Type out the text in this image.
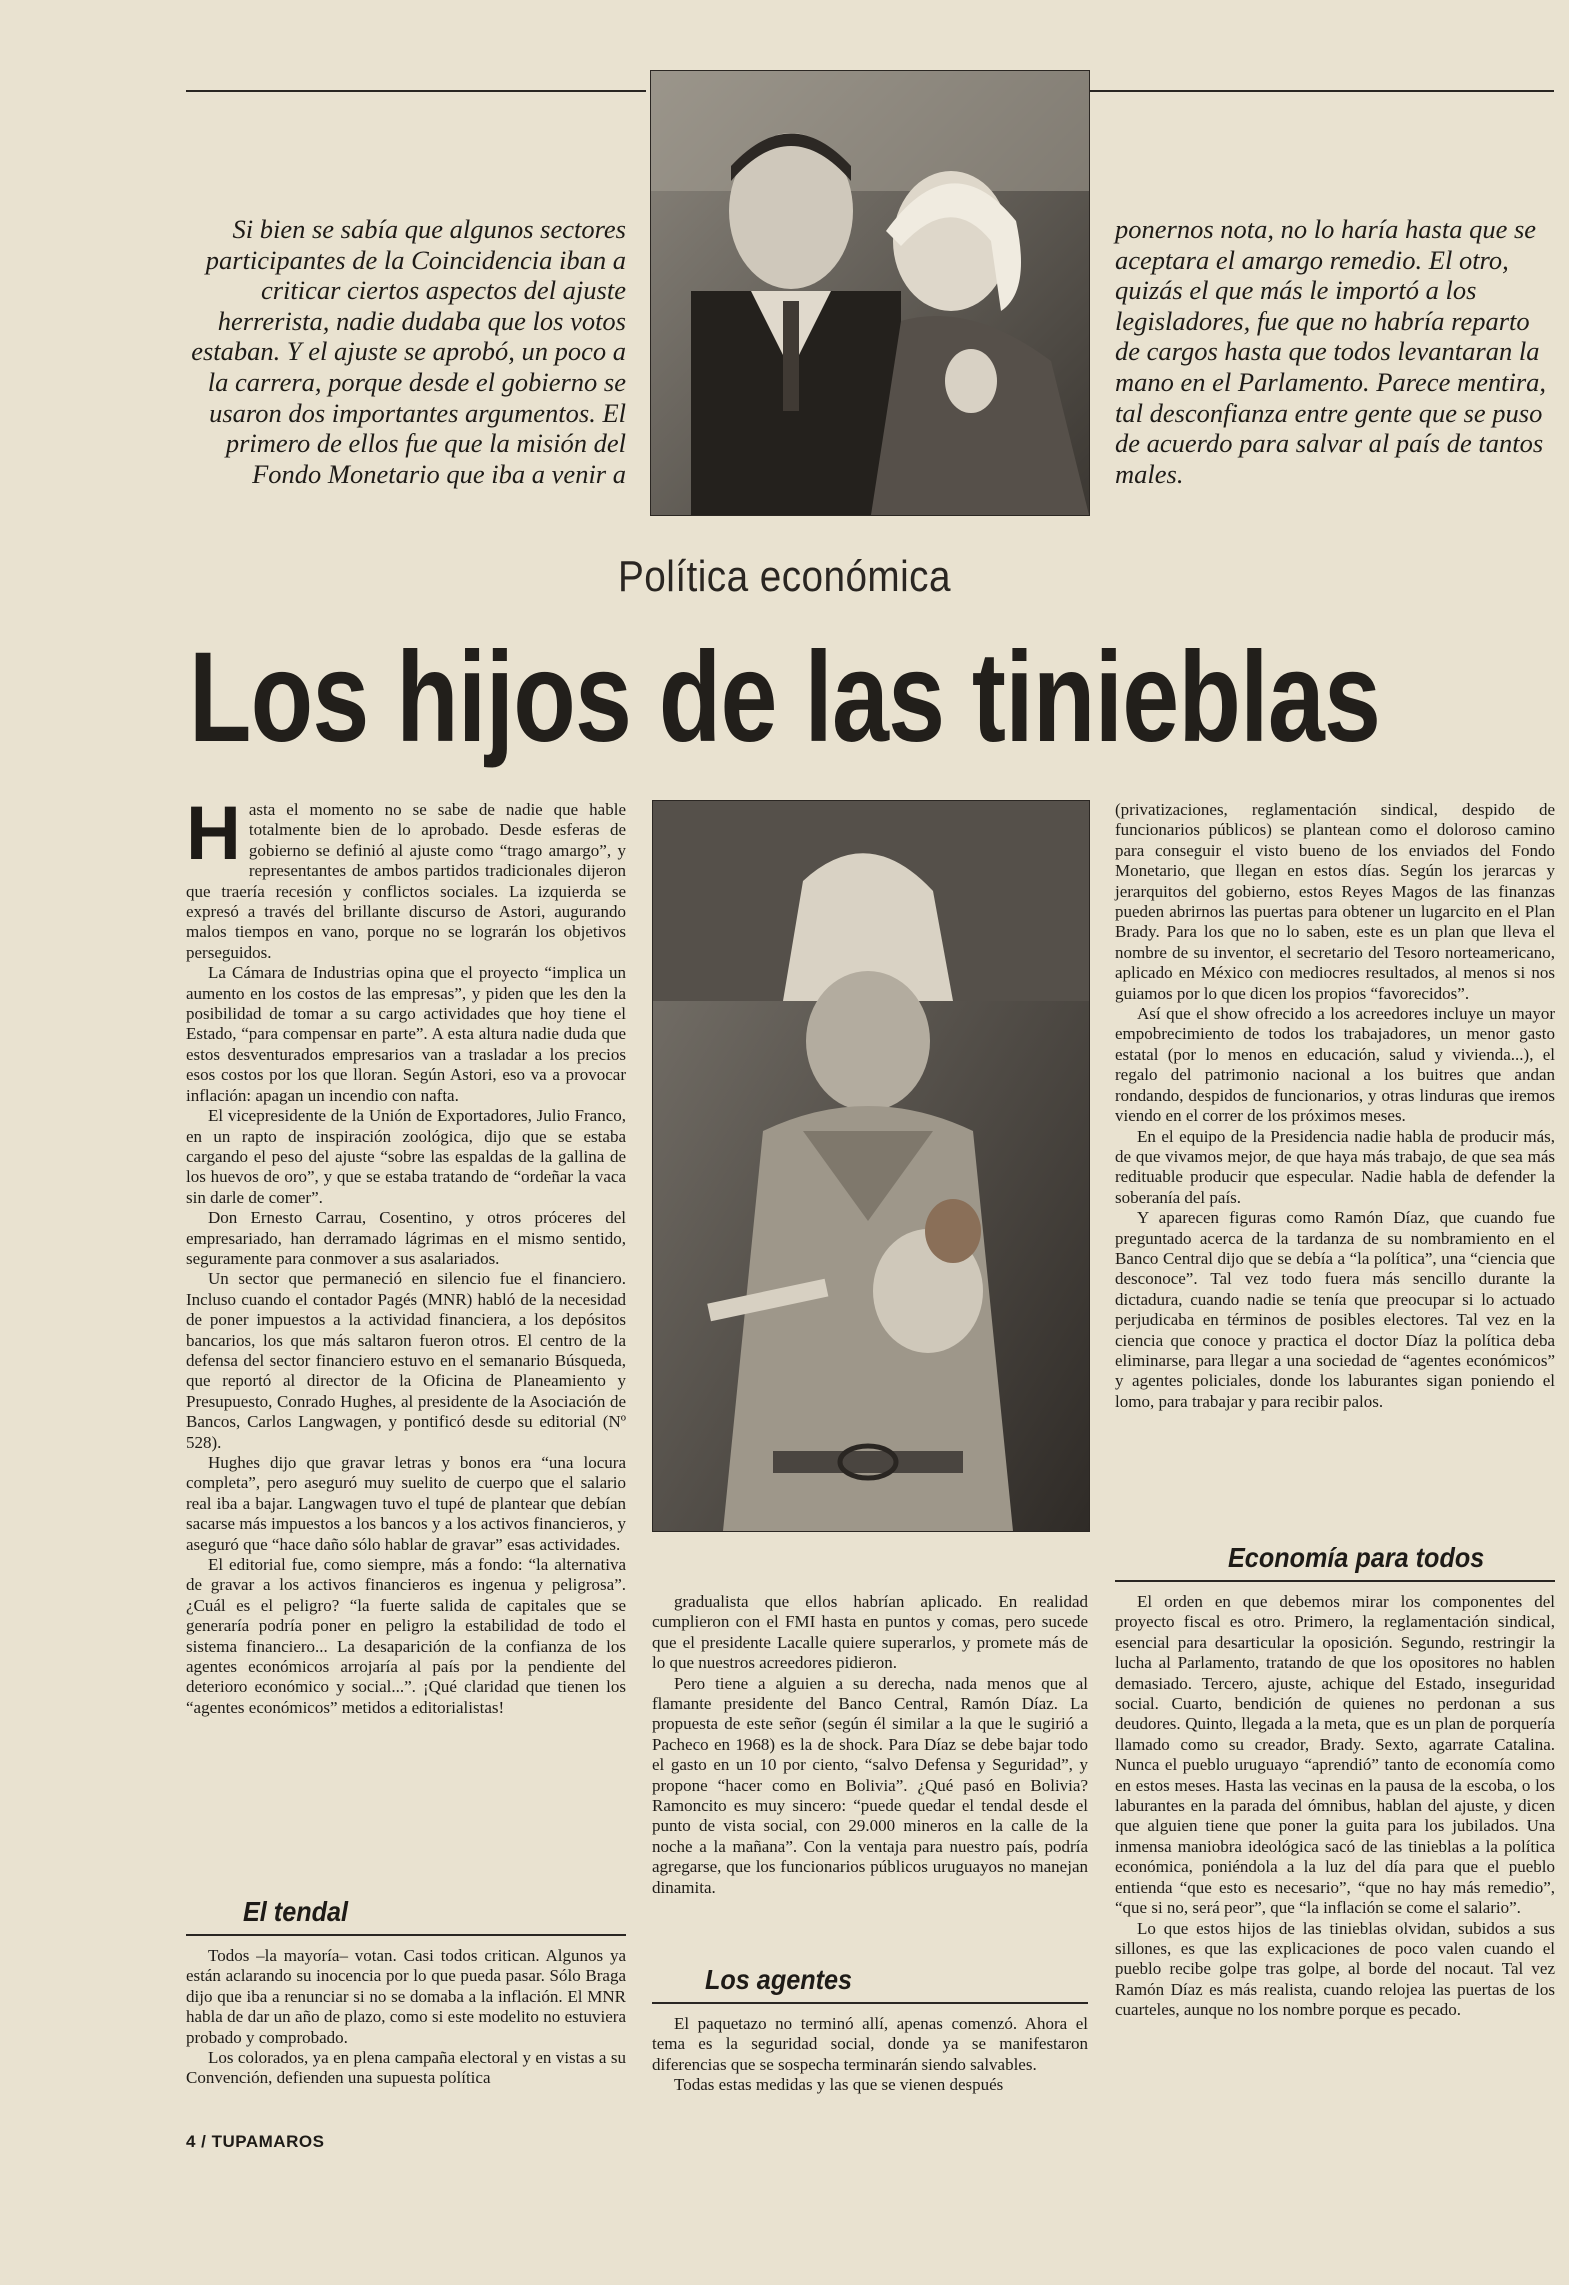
Si bien se sabía que algunos sectores participantes de la Coincidencia iban a criticar ciertos aspectos del ajuste herrerista, nadie dudaba que los votos estaban. Y el ajuste se aprobó, un poco a la carrera, porque desde el gobierno se usaron dos importantes argumentos. El primero de ellos fue que la misión del Fondo Monetario que iba a venir a

ponernos nota, no lo haría hasta que se aceptara el amargo remedio. El otro, quizás el que más le importó a los legisladores, fue que no habría reparto de cargos hasta que todos levantaran la mano en el Parlamento. Parece mentira, tal desconfianza entre gente que se puso de acuerdo para salvar al país de tantos males.

Política económica
Los hijos de las tinieblas
H asta el momento no se sabe de nadie que hable totalmente bien de lo aprobado. Desde esferas de gobierno se definió al ajuste como “trago amargo”, y representantes de ambos partidos tradicionales dijeron que traería recesión y conflictos sociales. La izquierda se expresó a través del brillante discurso de Astori, augurando malos tiempos en vano, porque no se lograrán los objetivos perseguidos.

La Cámara de Industrias opina que el proyecto “implica un aumento en los costos de las empresas”, y piden que les den la posibilidad de tomar a su cargo actividades que hoy tiene el Estado, “para compensar en parte”. A esta altura nadie duda que estos desventurados empresarios van a trasladar a los precios esos costos por los que lloran. Según Astori, eso va a provocar inflación: apagan un incendio con nafta.

El vicepresidente de la Unión de Exportadores, Julio Franco, en un rapto de inspiración zoológica, dijo que se estaba cargando el peso del ajuste “sobre las espaldas de la gallina de los huevos de oro”, y que se estaba tratando de “ordeñar la vaca sin darle de comer”.

Don Ernesto Carrau, Cosentino, y otros próceres del empresariado, han derramado lágrimas en el mismo sentido, seguramente para conmover a sus asalariados.

Un sector que permaneció en silencio fue el financiero. Incluso cuando el contador Pagés (MNR) habló de la necesidad de poner impuestos a la actividad financiera, a los depósitos bancarios, los que más saltaron fueron otros. El centro de la defensa del sector financiero estuvo en el semanario Búsqueda, que reportó al director de la Oficina de Planeamiento y Presupuesto, Conrado Hughes, al presidente de la Asociación de Bancos, Carlos Langwagen, y pontificó desde su editorial (Nº 528).

Hughes dijo que gravar letras y bonos era “una locura completa”, pero aseguró muy suelito de cuerpo que el salario real iba a bajar. Langwagen tuvo el tupé de plantear que debían sacarse más impuestos a los bancos y a los activos financieros, y aseguró que “hace daño sólo hablar de gravar” esas actividades.

El editorial fue, como siempre, más a fondo: “la alternativa de gravar a los activos financieros es ingenua y peligrosa”. ¿Cuál es el peligro? “la fuerte salida de capitales que se generaría podría poner en peligro la estabilidad de todo el sistema financiero... La desaparición de la confianza de los agentes económicos arrojaría al país por la pendiente del deterioro económico y social...”. ¡Qué claridad que tienen los “agentes económicos” metidos a editorialistas!

El tendal

Todos –la mayoría– votan. Casi todos critican. Algunos ya están aclarando su inocencia por lo que pueda pasar. Sólo Braga dijo que iba a renunciar si no se domaba a la inflación. El MNR habla de dar un año de plazo, como si este modelito no estuviera probado y comprobado.

Los colorados, ya en plena campaña electoral y en vistas a su Convención, defienden una supuesta política

gradualista que ellos habrían aplicado. En realidad cumplieron con el FMI hasta en puntos y comas, pero sucede que el presidente Lacalle quiere superarlos, y promete más de lo que nuestros acreedores pidieron.

Pero tiene a alguien a su derecha, nada menos que al flamante presidente del Banco Central, Ramón Díaz. La propuesta de este señor (según él similar a la que le sugirió a Pacheco en 1968) es la de shock. Para Díaz se debe bajar todo el gasto en un 10 por ciento, “salvo Defensa y Seguridad”, y propone “hacer como en Bolivia”. ¿Qué pasó en Bolivia? Ramoncito es muy sincero: “puede quedar el tendal desde el punto de vista social, con 29.000 mineros en la calle de la noche a la mañana”. Con la ventaja para nuestro país, podría agregarse, que los funcionarios públicos uruguayos no manejan dinamita.

Los agentes

El paquetazo no terminó allí, apenas comenzó. Ahora el tema es la seguridad social, donde ya se manifestaron diferencias que se sospecha terminarán siendo salvables.

Todas estas medidas y las que se vienen después

(privatizaciones, reglamentación sindical, despido de funcionarios públicos) se plantean como el doloroso camino para conseguir el visto bueno de los enviados del Fondo Monetario, que llegan en estos días. Según los jerarcas y jerarquitos del gobierno, estos Reyes Magos de las finanzas pueden abrirnos las puertas para obtener un lugarcito en el Plan Brady. Para los que no lo saben, este es un plan que lleva el nombre de su inventor, el secretario del Tesoro norteamericano, aplicado en México con mediocres resultados, al menos si nos guiamos por lo que dicen los propios “favorecidos”.

Así que el show ofrecido a los acreedores incluye un mayor empobrecimiento de todos los trabajadores, un menor gasto estatal (por lo menos en educación, salud y vivienda...), el regalo del patrimonio nacional a los buitres que andan rondando, despidos de funcionarios, y otras linduras que iremos viendo en el correr de los próximos meses.

En el equipo de la Presidencia nadie habla de producir más, de que vivamos mejor, de que haya más trabajo, de que sea más redituable producir que especular. Nadie habla de defender la soberanía del país.

Y aparecen figuras como Ramón Díaz, que cuando fue preguntado acerca de la tardanza de su nombramiento en el Banco Central dijo que se debía a “la política”, una “ciencia que desconoce”. Tal vez todo fuera más sencillo durante la dictadura, cuando nadie se tenía que preocupar si lo actuado perjudicaba en términos de posibles electores. Tal vez en la ciencia que conoce y practica el doctor Díaz la política deba eliminarse, para llegar a una sociedad de “agentes económicos” y agentes policiales, donde los laburantes sigan poniendo el lomo, para trabajar y para recibir palos.

Economía para todos

El orden en que debemos mirar los componentes del proyecto fiscal es otro. Primero, la reglamentación sindical, esencial para desarticular la oposición. Segundo, restringir la lucha al Parlamento, tratando de que los opositores no hablen demasiado. Tercero, ajuste, achique del Estado, inseguridad social. Cuarto, bendición de quienes no perdonan a sus deudores. Quinto, llegada a la meta, que es un plan de porquería llamado como su creador, Brady. Sexto, agarrate Catalina. Nunca el pueblo uruguayo “aprendió” tanto de economía como en estos meses. Hasta las vecinas en la pausa de la escoba, o los laburantes en la parada del ómnibus, hablan del ajuste, y dicen que alguien tiene que poner la guita para los jubilados. Una inmensa maniobra ideológica sacó de las tinieblas a la política económica, poniéndola a la luz del día para que el pueblo entienda “que esto es necesario”, “que no hay más remedio”, “que si no, será peor”, que “la inflación se come el salario”.

Lo que estos hijos de las tinieblas olvidan, subidos a sus sillones, es que las explicaciones de poco valen cuando el pueblo recibe golpe tras golpe, al borde del nocaut. Tal vez Ramón Díaz es más realista, cuando relojea las puertas de los cuarteles, aunque no los nombre porque es pecado.

4 / TUPAMAROS
